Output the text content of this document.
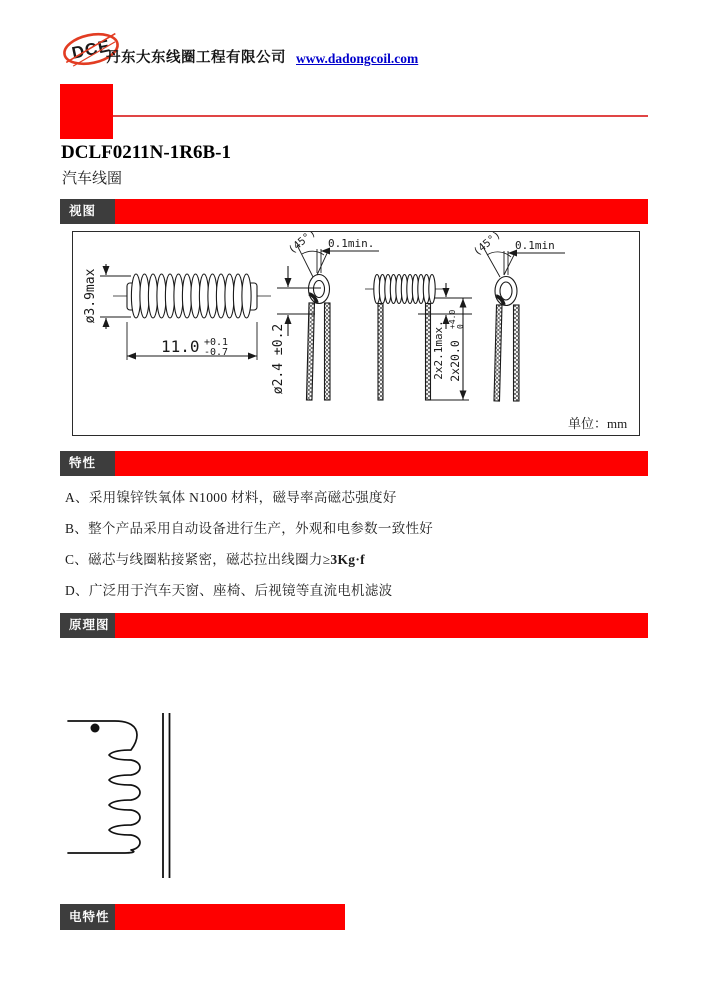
DCE
丹东大东线圈工程有限公司 www.dadongcoil.com
DCLF0211N-1R6B-1
汽车线圈
视图
ø3.9max
11.0 +0.1
-0.7	ø2.4 ±0.2
(45°) 0.1min.
2x2.1max. 2x20.0
+4.0 0
(45°) 0.1min
单位：mm
特性
A、采用镍锌铁氧体 N1000 材料，磁导率高磁芯强度好
B、整个产品采用自动设备进行生产，外观和电参数一致性好
C、磁芯与线圈粘接紧密，磁芯拉出线圈力≥3Kg·f
D、广泛用于汽车天窗、座椅、后视镜等直流电机滤波
原理图
电特性
